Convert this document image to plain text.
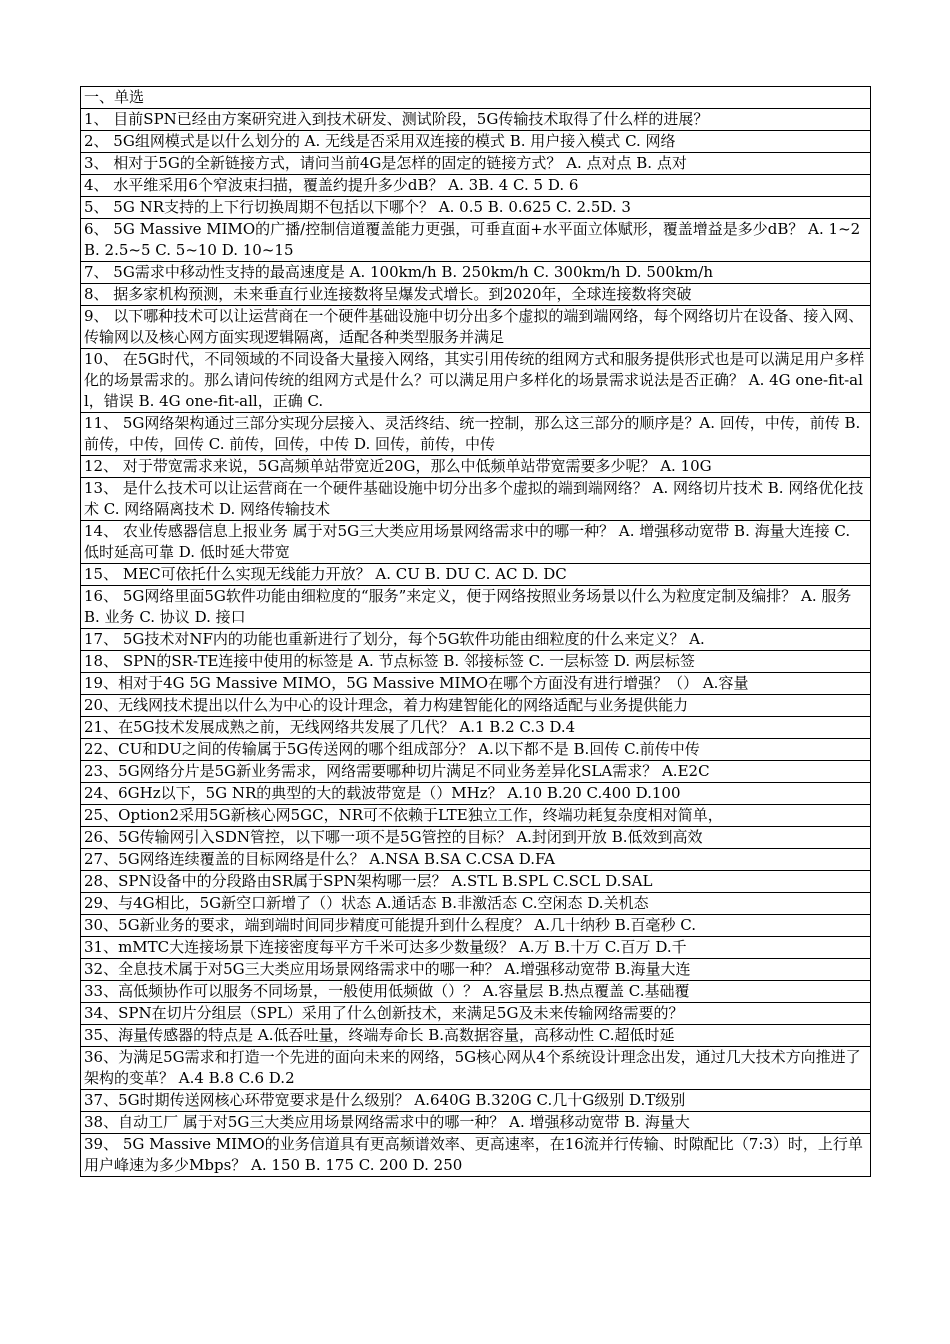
一、单选
1、 目前SPN已经由方案研究进入到技术研发、测试阶段，5G传输技术取得了什么样的进展？
2、 5G组网模式是以什么划分的 A. 无线是否采用双连接的模式 B. 用户接入模式 C. 网络
3、 相对于5G的全新链接方式，请问当前4G是怎样的固定的链接方式？ A. 点对点 B. 点对
4、 水平维采用6个窄波束扫描，覆盖约提升多少dB？ A. 3B. 4 C. 5 D. 6
5、 5G NR支持的上下行切换周期不包括以下哪个？ A. 0.5 B. 0.625 C. 2.5D. 3
6、 5G Massive MIMO的广播/控制信道覆盖能力更强，可垂直面+水平面立体赋形，覆盖增益是多少dB？ A. 1~2 B. 2.5~5 C. 5~10 D. 10~15
7、 5G需求中移动性支持的最高速度是 A. 100km/h B. 250km/h C. 300km/h D. 500km/h
8、 据多家机构预测，未来垂直行业连接数将呈爆发式增长。到2020年，全球连接数将突破
9、 以下哪种技术可以让运营商在一个硬件基础设施中切分出多个虚拟的端到端网络，每个网络切片在设备、接入网、传输网以及核心网方面实现逻辑隔离，适配各种类型服务并满足
10、 在5G时代，不同领域的不同设备大量接入网络，其实引用传统的组网方式和服务提供形式也是可以满足用户多样化的场景需求的。那么请问传统的组网方式是什么？可以满足用户多样化的场景需求说法是否正确？ A. 4G one-fit-all，错误 B. 4G one-fit-all，正确 C.
11、 5G网络架构通过三部分实现分层接入、灵活终结、统一控制，那么这三部分的顺序是？A. 回传，中传，前传 B. 前传，中传，回传 C. 前传，回传，中传 D. 回传，前传，中传
12、 对于带宽需求来说，5G高频单站带宽近20G，那么中低频单站带宽需要多少呢？ A. 10G
13、 是什么技术可以让运营商在一个硬件基础设施中切分出多个虚拟的端到端网络？ A. 网络切片技术 B. 网络优化技术 C. 网络隔离技术 D. 网络传输技术
14、 农业传感器信息上报业务 属于对5G三大类应用场景网络需求中的哪一种？ A. 增强移动宽带 B. 海量大连接 C. 低时延高可靠 D. 低时延大带宽
15、 MEC可依托什么实现无线能力开放？ A. CU B. DU C. AC D. DC
16、 5G网络里面5G软件功能由细粒度的“服务”来定义，便于网络按照业务场景以什么为粒度定制及编排？ A. 服务 B. 业务 C. 协议 D. 接口
17、 5G技术对NF内的功能也重新进行了划分，每个5G软件功能由细粒度的什么来定义？ A.
18、 SPN的SR-TE连接中使用的标签是 A. 节点标签 B. 邻接标签 C. 一层标签 D. 两层标签
19、相对于4G 5G Massive MIMO，5G Massive MIMO在哪个方面没有进行增强？（） A.容量
20、无线网技术提出以什么为中心的设计理念，着力构建智能化的网络适配与业务提供能力
21、在5G技术发展成熟之前，无线网络共发展了几代？ A.1 B.2 C.3 D.4
22、CU和DU之间的传输属于5G传送网的哪个组成部分？ A.以下都不是 B.回传 C.前传中传
23、5G网络分片是5G新业务需求，网络需要哪种切片满足不同业务差异化SLA需求？ A.E2C
24、6GHz以下，5G NR的典型的大的载波带宽是（）MHz？ A.10 B.20 C.400 D.100
25、Option2采用5G新核心网5GC，NR可不依赖于LTE独立工作，终端功耗复杂度相对简单，
26、5G传输网引入SDN管控，以下哪一项不是5G管控的目标？ A.封闭到开放 B.低效到高效
27、5G网络连续覆盖的目标网络是什么？ A.NSA B.SA C.CSA D.FA
28、SPN设备中的分段路由SR属于SPN架构哪一层？ A.STL B.SPL C.SCL D.SAL
29、与4G相比，5G新空口新增了（）状态 A.通话态 B.非激活态 C.空闲态 D.关机态
30、5G新业务的要求，端到端时间同步精度可能提升到什么程度？ A.几十纳秒 B.百毫秒 C.
31、mMTC大连接场景下连接密度每平方千米可达多少数量级？ A.万 B.十万 C.百万 D.千
32、全息技术属于对5G三大类应用场景网络需求中的哪一种？ A.增强移动宽带 B.海量大连
33、高低频协作可以服务不同场景，一般使用低频做（）？ A.容量层 B.热点覆盖 C.基础覆
34、SPN在切片分组层（SPL）采用了什么创新技术，来满足5G及未来传输网络需要的？
35、海量传感器的特点是 A.低吞吐量，终端寿命长 B.高数据容量，高移动性 C.超低时延
36、为满足5G需求和打造一个先进的面向未来的网络，5G核心网从4个系统设计理念出发，通过几大技术方向推进了架构的变革？ A.4 B.8 C.6 D.2
37、5G时期传送网核心环带宽要求是什么级别？ A.640G B.320G C.几十G级别 D.T级别
38、自动工厂 属于对5G三大类应用场景网络需求中的哪一种？ A. 增强移动宽带 B. 海量大
39、 5G Massive MIMO的业务信道具有更高频谱效率、更高速率，在16流并行传输、时隙配比（7:3）时，上行单用户峰速为多少Mbps？ A. 150 B. 175 C. 200 D. 250
